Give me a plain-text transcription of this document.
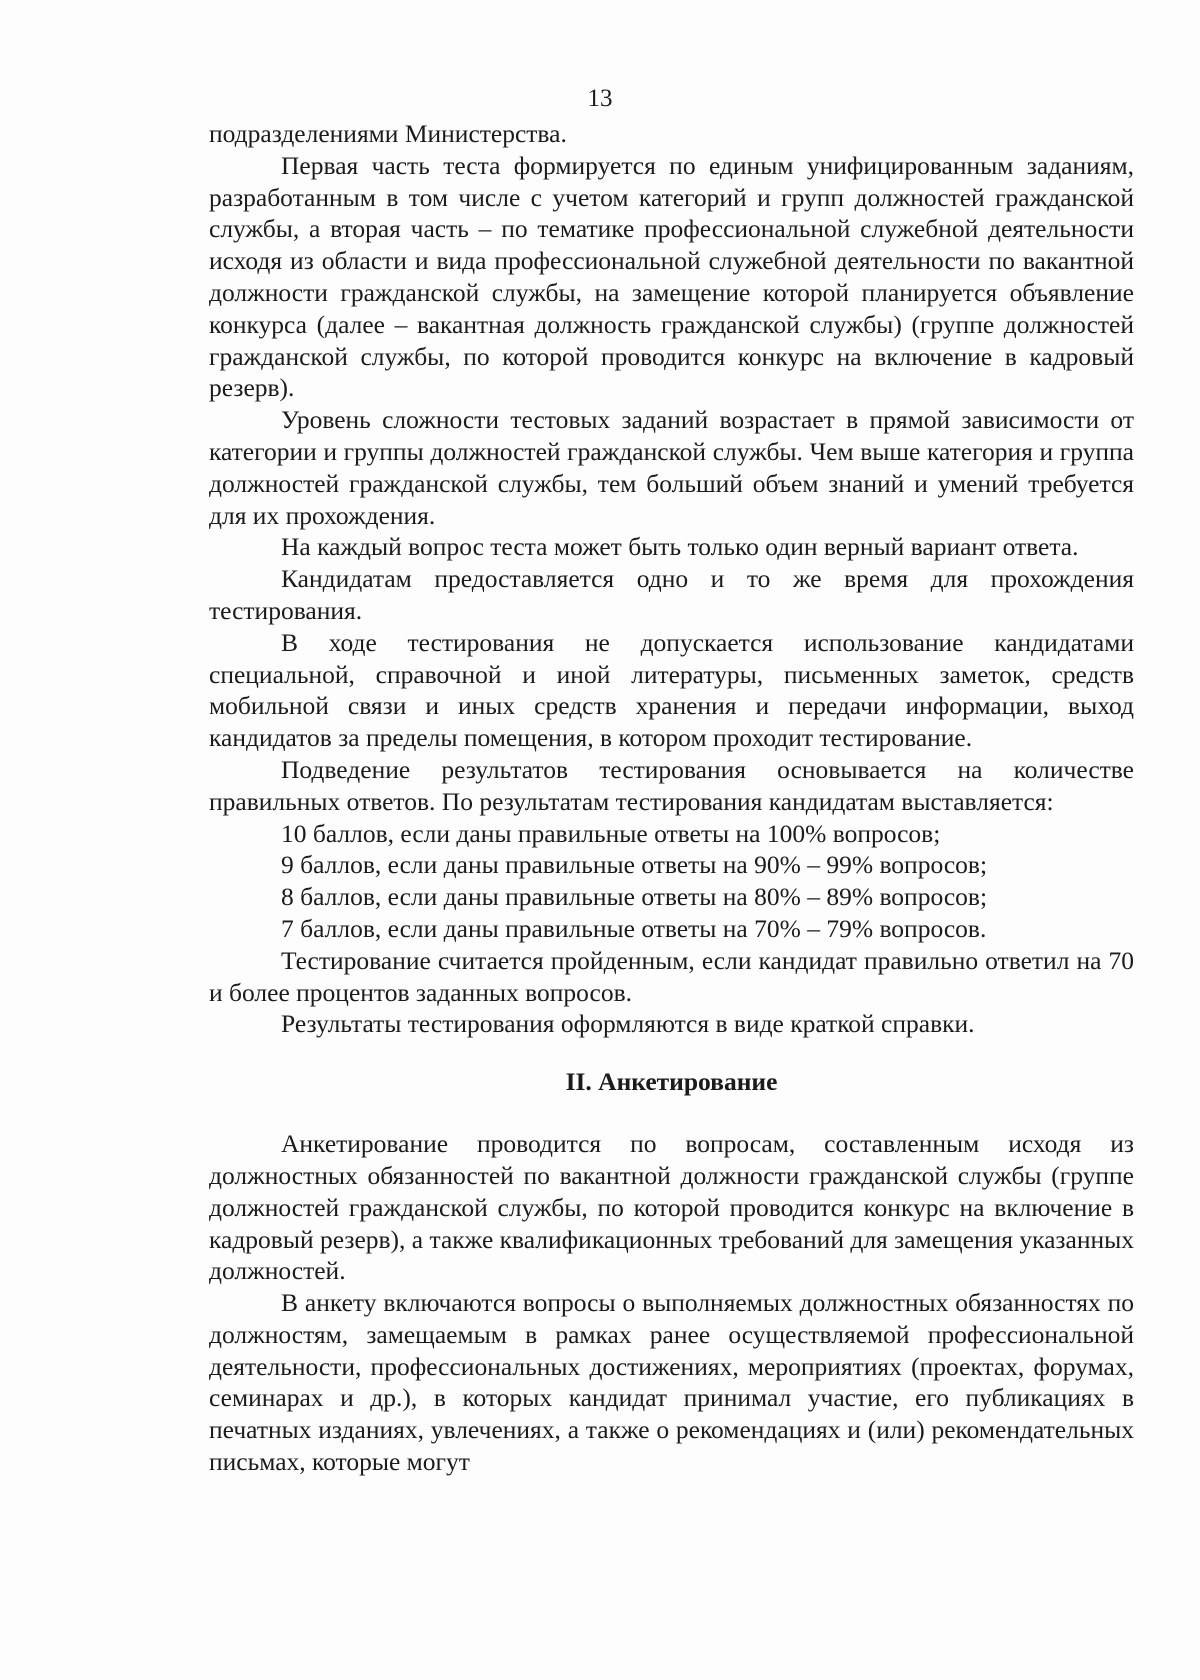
13

подразделениями Министерства.

Первая часть теста формируется по единым унифицированным заданиям, разработанным в том числе с учетом категорий и групп должностей гражданской службы, а вторая часть – по тематике профессиональной служебной деятельности исходя из области и вида профессиональной служебной деятельности по вакантной должности гражданской службы, на замещение которой планируется объявление конкурса (далее – вакантная должность гражданской службы) (группе должностей гражданской службы, по которой проводится конкурс на включение в кадровый резерв).

Уровень сложности тестовых заданий возрастает в прямой зависимости от категории и группы должностей гражданской службы. Чем выше категория и группа должностей гражданской службы, тем больший объем знаний и умений требуется для их прохождения.

На каждый вопрос теста может быть только один верный вариант ответа.

Кандидатам предоставляется одно и то же время для прохождения тестирования.

В ходе тестирования не допускается использование кандидатами специальной, справочной и иной литературы, письменных заметок, средств мобильной связи и иных средств хранения и передачи информации, выход кандидатов за пределы помещения, в котором проходит тестирование.

Подведение результатов тестирования основывается на количестве правильных ответов. По результатам тестирования кандидатам выставляется:

10 баллов, если даны правильные ответы на 100% вопросов;

9 баллов, если даны правильные ответы на 90% – 99% вопросов;

8 баллов, если даны правильные ответы на 80% – 89% вопросов;

7 баллов, если даны правильные ответы на 70% – 79% вопросов.

Тестирование считается пройденным, если кандидат правильно ответил на 70 и более процентов заданных вопросов.

Результаты тестирования оформляются в виде краткой справки.

II. Анкетирование

Анкетирование проводится по вопросам, составленным исходя из должностных обязанностей по вакантной должности гражданской службы (группе должностей гражданской службы, по которой проводится конкурс на включение в кадровый резерв), а также квалификационных требований для замещения указанных должностей.

В анкету включаются вопросы о выполняемых должностных обязанностях по должностям, замещаемым в рамках ранее осуществляемой профессиональной деятельности, профессиональных достижениях, мероприятиях (проектах, форумах, семинарах и др.), в которых кандидат принимал участие, его публикациях в печатных изданиях, увлечениях, а также о рекомендациях и (или) рекомендательных письмах, которые могут
